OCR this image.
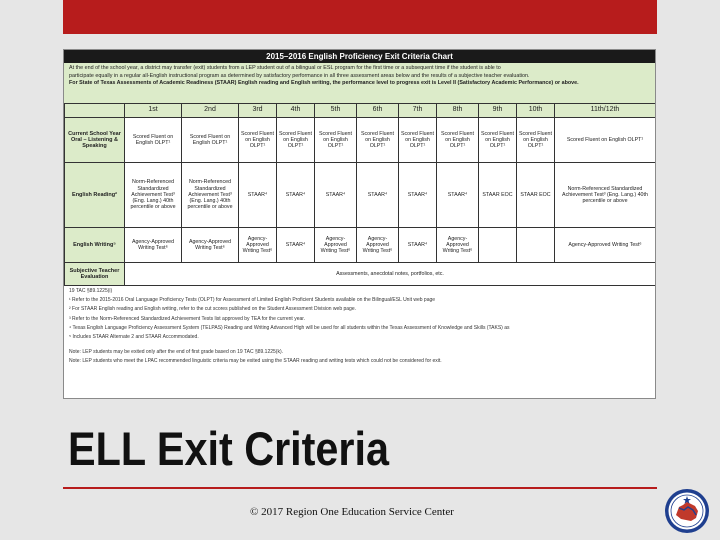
2015–2016 English Proficiency Exit Criteria Chart
At the end of the school year, a district may transfer (exit) students from a LEP student out of a bilingual or ESL program for the first time or a subsequent time if the student is able to
participate equally in a regular all-English instructional program as determined by satisfactory performance in all three assessment areas below and the results of a subjective teacher evaluation.
For State of Texas Assessments of Academic Readiness (STAAR) English reading and English writing, the performance level to progress exit is Level II (Satisfactory Academic Performance) or above.
	1st	2nd	3rd	4th	5th	6th	7th	8th	9th	10th	11th/12th
Current School Year Oral – Listening & Speaking	Scored Fluent on English OLPT¹	Scored Fluent on English OLPT¹	Scored Fluent on English OLPT¹	Scored Fluent on English OLPT¹	Scored Fluent on English OLPT¹	Scored Fluent on English OLPT¹	Scored Fluent on English OLPT¹	Scored Fluent on English OLPT¹	Scored Fluent on English OLPT¹	Scored Fluent on English OLPT¹	Scored Fluent on English OLPT¹
English Reading²	Norm-Referenced Standardized Achievement Test³ (Eng. Lang.) 40th percentile or above	Norm-Referenced Standardized Achievement Test³ (Eng. Lang.) 40th percentile or above	STAAR⁴	STAAR⁴	STAAR⁴	STAAR⁴	STAAR⁴	STAAR⁴	STAAR EOC	STAAR EOC	Norm-Referenced Standardized Achievement Test³ (Eng. Lang.) 40th percentile or above
English Writing⁵	Agency-Approved Writing Test⁶	Agency-Approved Writing Test⁶	Agency-Approved Writing Test⁶	STAAR⁴	Agency-Approved Writing Test⁶	Agency-Approved Writing Test⁶	STAAR⁴	Agency-Approved Writing Test⁶			Agency-Approved Writing Test⁶
Subjective Teacher Evaluation	Assessments, anecdotal notes, portfolios, etc.										
19 TAC §89.1225(i)
¹ Refer to the 2015-2016 Oral Language Proficiency Tests (OLPT) for Assessment of Limited English Proficient Students available on the Bilingual/ESL Unit web page
² For STAAR English reading and English writing, refer to the cut scores published on the Student Assessment Division web page.
³ Refer to the Norm-Referenced Standardized Achievement Tests list approved by TEA for the current year.
⁴ Texas English Language Proficiency Assessment System (TELPAS) Reading and Writing Advanced High will be used for all students within the Texas Assessment of Knowledge and Skills (TAKS) as
⁵ Includes STAAR Alternate 2 and STAAR Accommodated.
Note: LEP students may be exited only after the end of first grade based on 19 TAC §89.1225(k).
Note: LEP students who meet the LPAC recommended linguistic criteria may be exited using the STAAR reading and writing tests which could not be considered for exit.
ELL Exit Criteria
© 2017 Region One Education Service Center
